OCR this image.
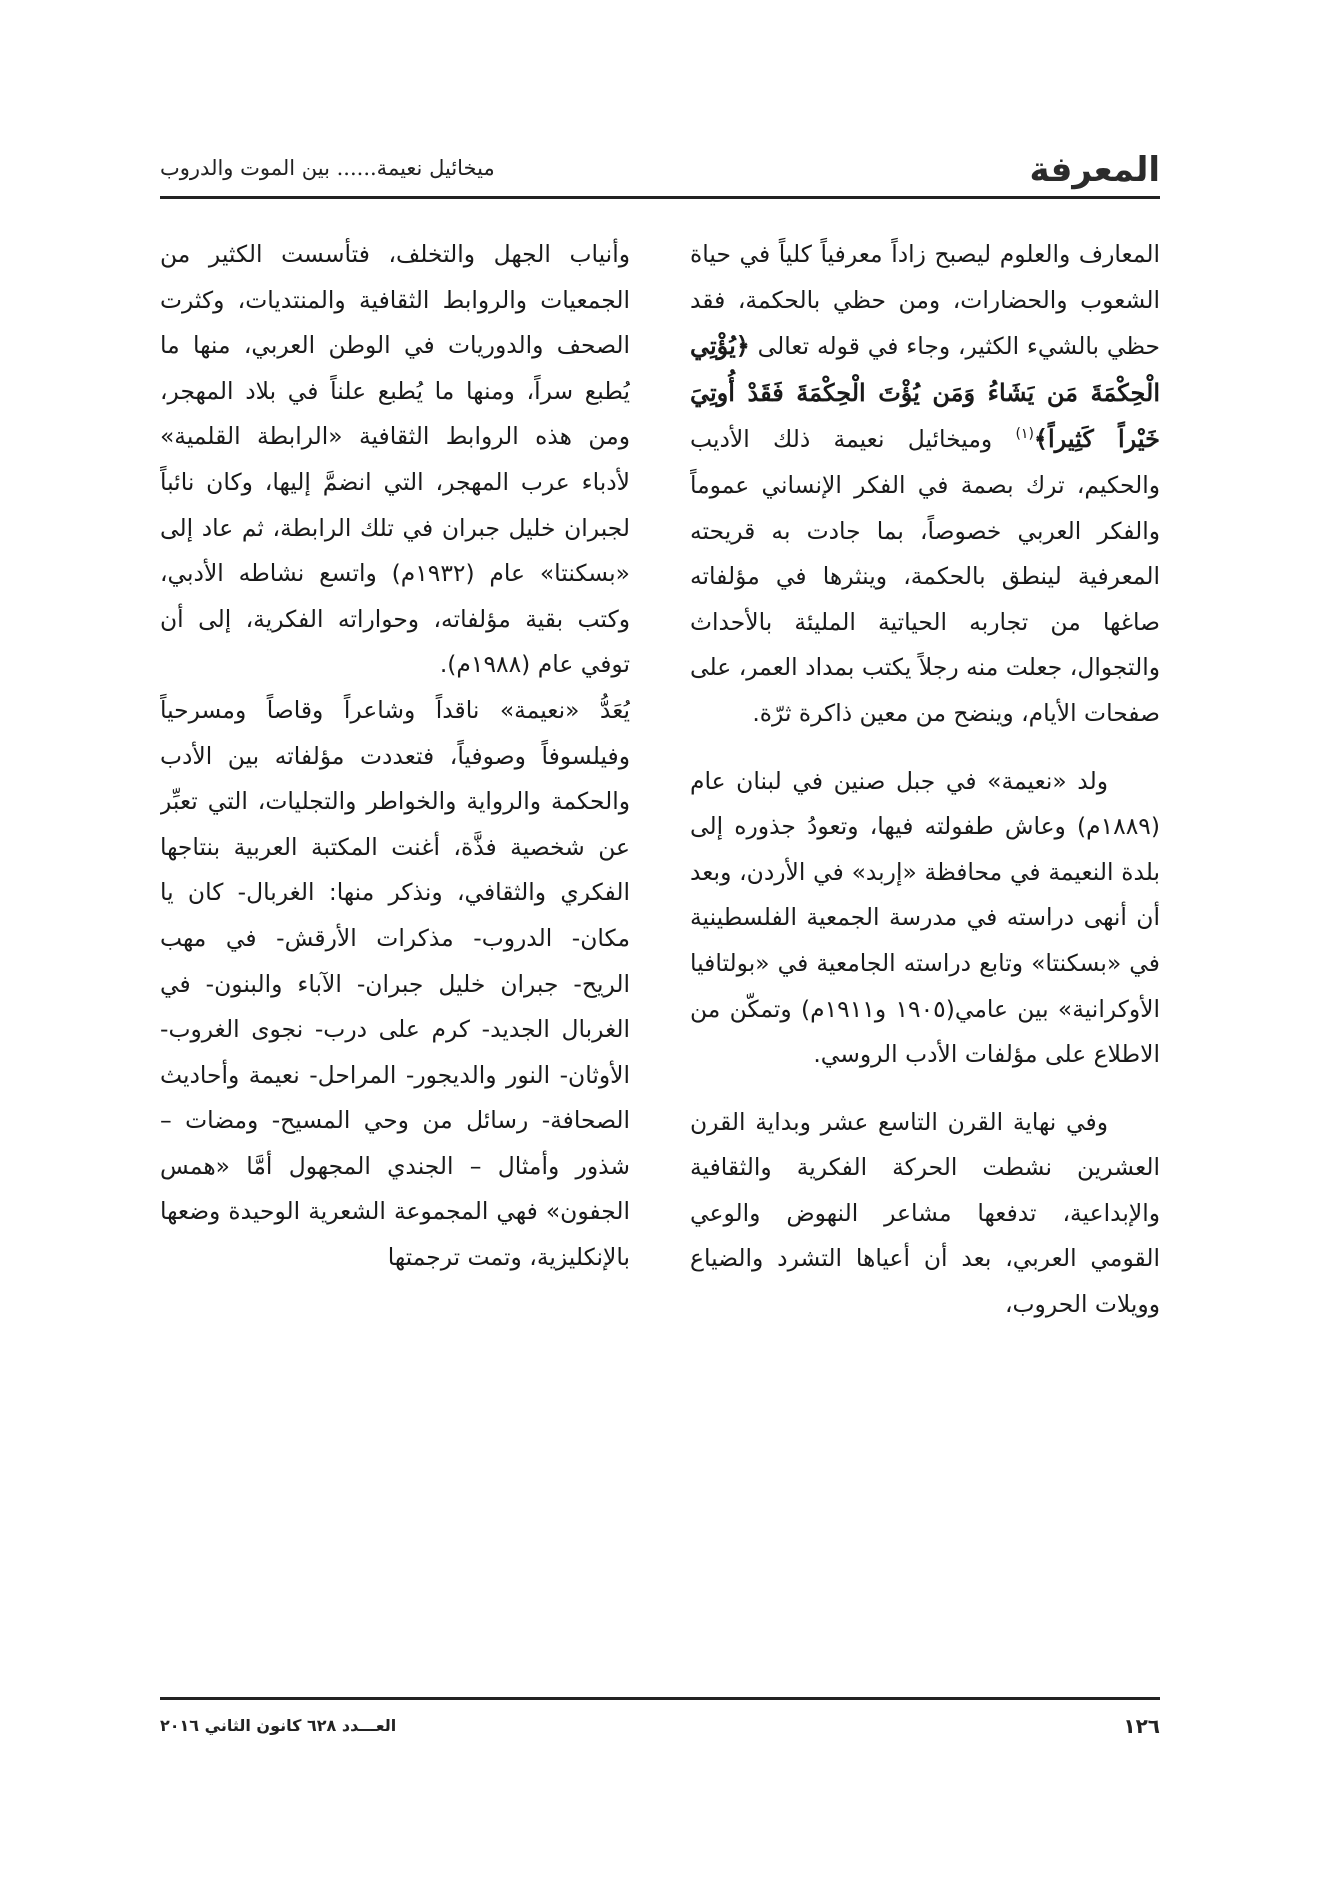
المعرفة
ميخائيل نعيمة...... بين الموت والدروب

المعارف والعلوم ليصبح زاداً معرفياً كلياً في حياة الشعوب والحضارات، ومن حظي بالحكمة، فقد حظي بالشيء الكثير، وجاء في قوله تعالى ﴿يُؤْتِي الْحِكْمَةَ مَن يَشَاءُ وَمَن يُؤْتَ الْحِكْمَةَ فَقَدْ أُوتِيَ خَيْراً كَثِيراً﴾$^{(١)}$ وميخائيل نعيمة ذلك الأديب والحكيم، ترك بصمة في الفكر الإنساني عموماً والفكر العربي خصوصاً، بما جادت به قريحته المعرفية لينطق بالحكمة، وينثرها في مؤلفاته صاغها من تجاربه الحياتية المليئة بالأحداث والتجوال، جعلت منه رجلاً يكتب بمداد العمر، على صفحات الأيام، وينضح من معين ذاكرة ثرّة.

ولد «نعيمة» في جبل صنين في لبنان عام (١٨٨٩م) وعاش طفولته فيها، وتعودُ جذوره إلى بلدة النعيمة في محافظة «إربد» في الأردن، وبعد أن أنهى دراسته في مدرسة الجمعية الفلسطينية في «بسكنتا» وتابع دراسته الجامعية في «بولتافيا الأوكرانية» بين عامي(١٩٠٥ و١٩١١م) وتمكّن من الاطلاع على مؤلفات الأدب الروسي.

وفي نهاية القرن التاسع عشر وبداية القرن العشرين نشطت الحركة الفكرية والثقافية والإبداعية، تدفعها مشاعر النهوض والوعي القومي العربي، بعد أن أعياها التشرد والضياع وويلات الحروب،

وأنياب الجهل والتخلف، فتأسست الكثير من الجمعيات والروابط الثقافية والمنتديات، وكثرت الصحف والدوريات في الوطن العربي، منها ما يُطبع سراً، ومنها ما يُطبع علناً في بلاد المهجر، ومن هذه الروابط الثقافية «الرابطة القلمية» لأدباء عرب المهجر، التي انضمَّ إليها، وكان نائباً لجبران خليل جبران في تلك الرابطة، ثم عاد إلى «بسكنتا» عام (١٩٣٢م) واتسع نشاطه الأدبي، وكتب بقية مؤلفاته، وحواراته الفكرية، إلى أن توفي عام (١٩٨٨م).

يُعَدُّ «نعيمة» ناقداً وشاعراً وقاصاً ومسرحياً وفيلسوفاً وصوفياً، فتعددت مؤلفاته بين الأدب والحكمة والرواية والخواطر والتجليات، التي تعبِّر عن شخصية فذَّة، أغنت المكتبة العربية بنتاجها الفكري والثقافي، ونذكر منها: الغربال- كان يا مكان- الدروب- مذكرات الأرقش- في مهب الريح- جبران خليل جبران- الآباء والبنون- في الغربال الجديد- كرم على درب- نجوى الغروب- الأوثان- النور والديجور- المراحل- نعيمة وأحاديث الصحافة- رسائل من وحي المسيح- ومضات – شذور وأمثال – الجندي المجهول أمَّا «همس الجفون» فهي المجموعة الشعرية الوحيدة وضعها بالإنكليزية، وتمت ترجمتها

١٢٦
العـــدد ٦٢٨ كانون الثاني ٢٠١٦
